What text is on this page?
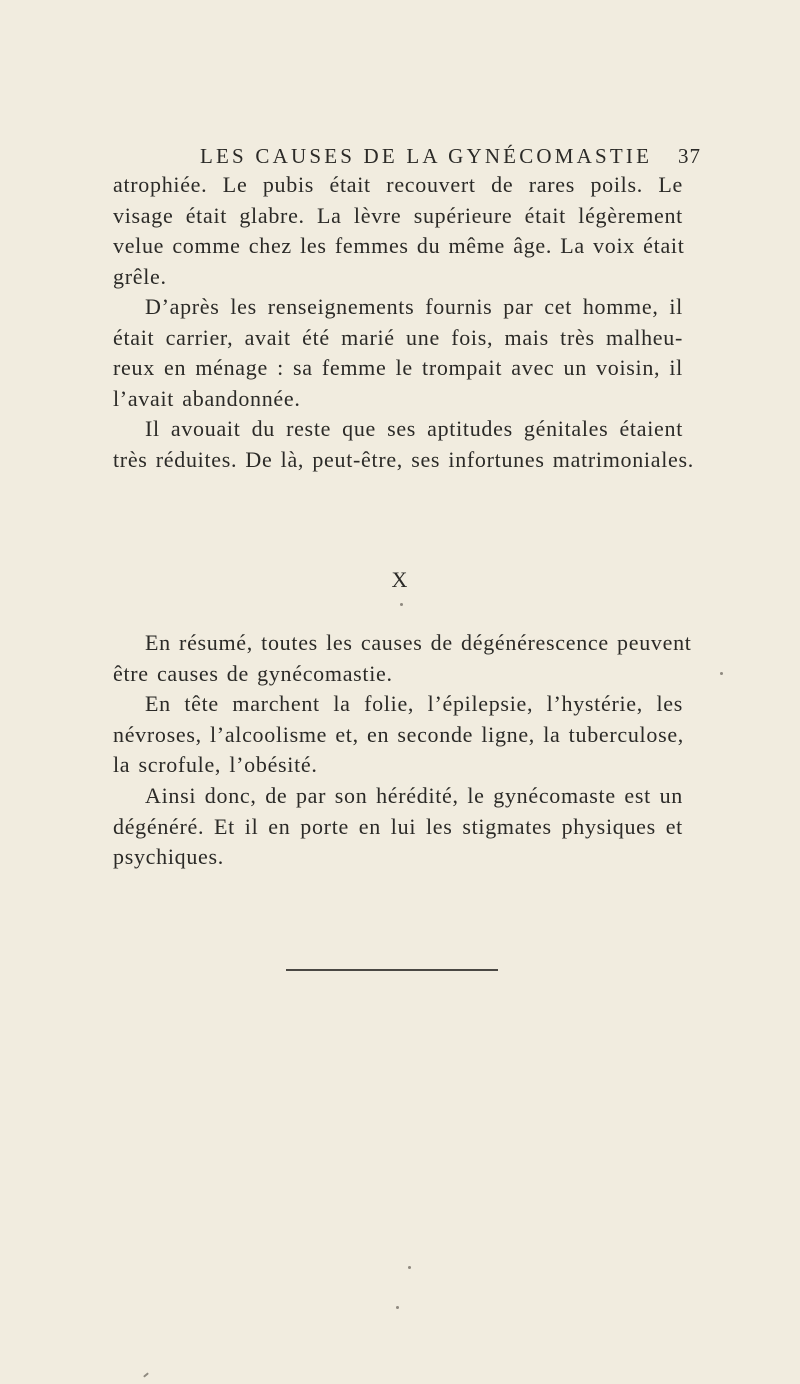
LES CAUSES DE LA GYNÉCOMASTIE 37
atrophiée. Le pubis était recouvert de rares poils. Le
visage était glabre. La lèvre supérieure était légèrement
velue comme chez les femmes du même âge. La voix était
grêle.
D’après les renseignements fournis par cet homme, il
était carrier, avait été marié une fois, mais très malheu-
reux en ménage : sa femme le trompait avec un voisin, il
l’avait abandonnée.
Il avouait du reste que ses aptitudes génitales étaient
très réduites. De là, peut-être, ses infortunes matrimoniales.
X
En résumé, toutes les causes de dégénérescence peuvent
être causes de gynécomastie.
En tête marchent la folie, l’épilepsie, l’hystérie, les
névroses, l’alcoolisme et, en seconde ligne, la tuberculose,
la scrofule, l’obésité.
Ainsi donc, de par son hérédité, le gynécomaste est un
dégénéré. Et il en porte en lui les stigmates physiques et
psychiques.
